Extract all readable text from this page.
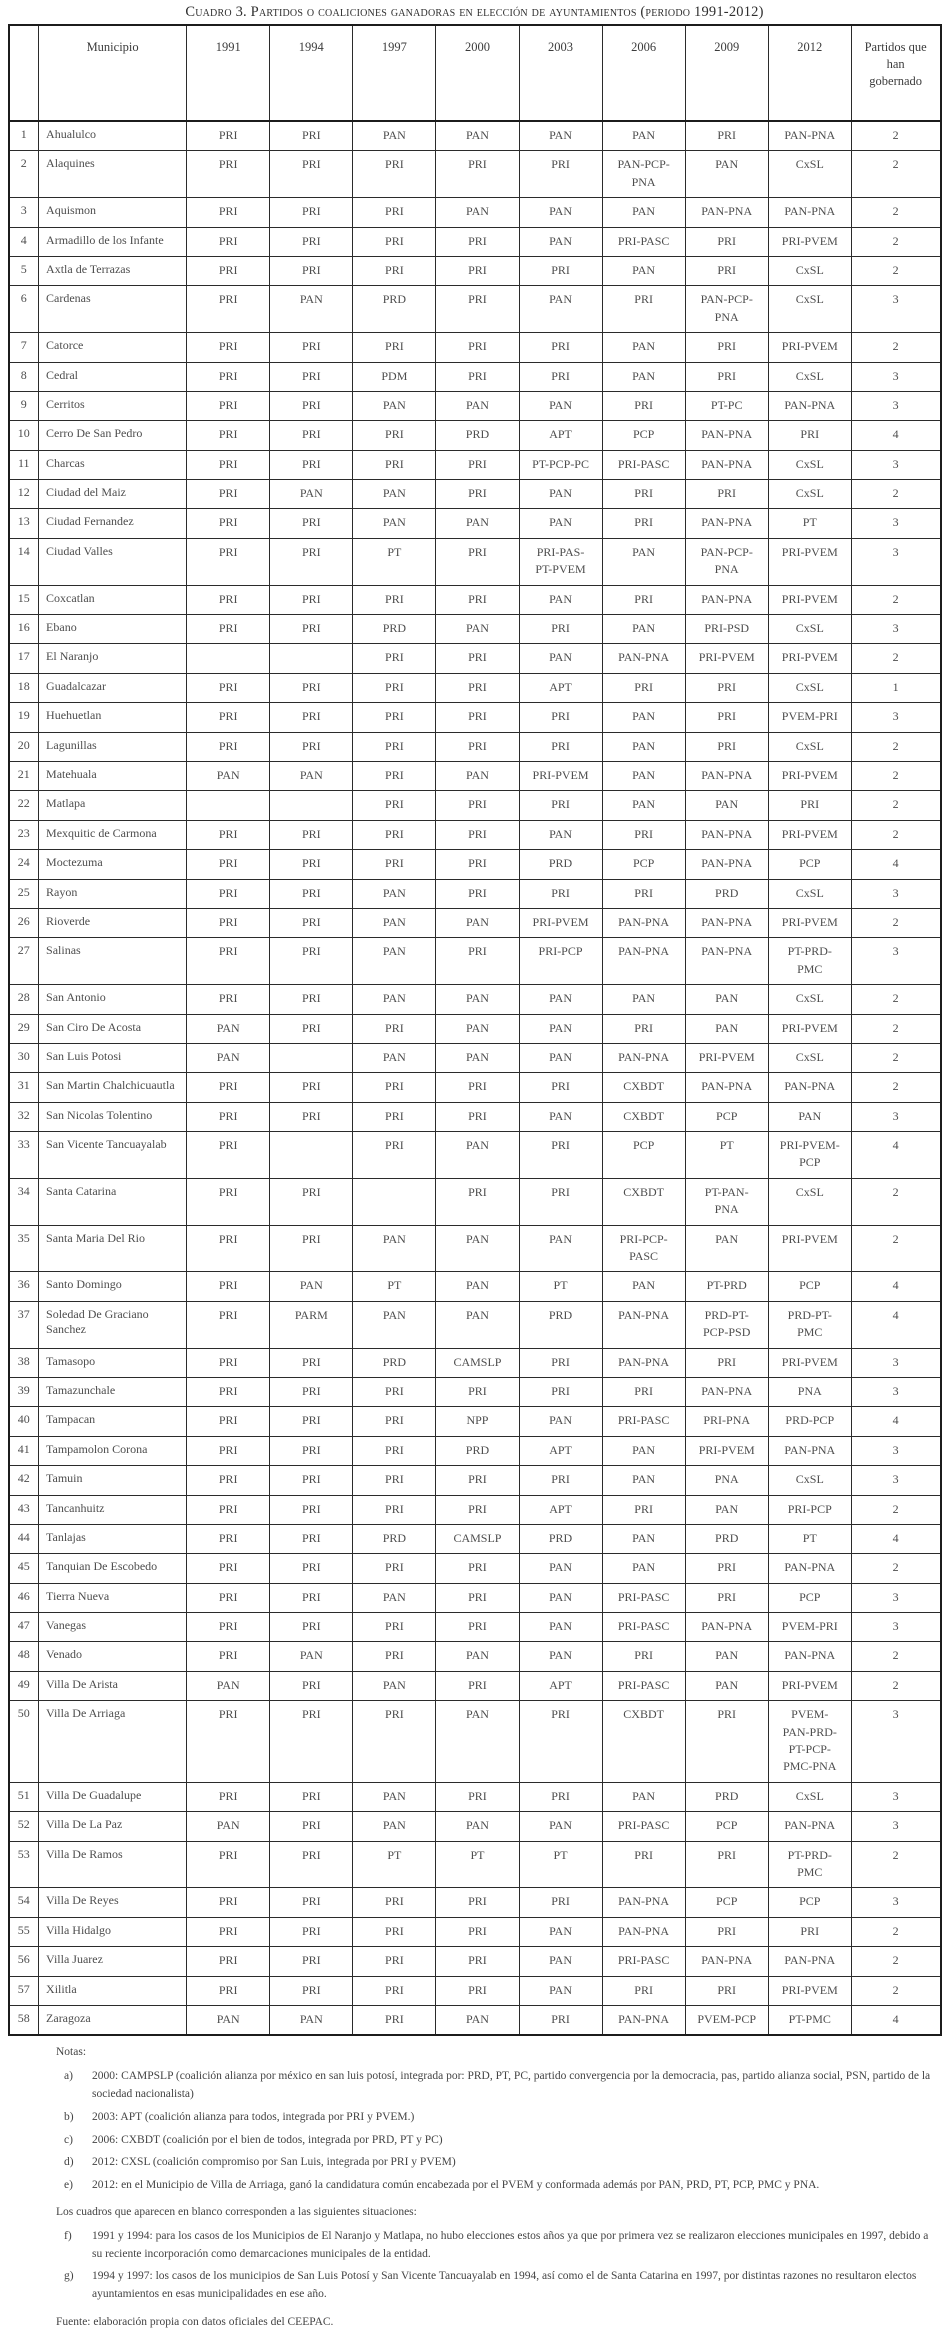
Cuadro 3. Partidos o coaliciones ganadoras en elección de ayuntamientos (periodo 1991-2012)
	Municipio	1991	1994	1997	2000	2003	2006	2009	2012	Partidos que han gobernado
1	Ahualulco	PRI	PRI	PAN	PAN	PAN	PAN	PRI	PAN-PNA	2
2	Alaquines	PRI	PRI	PRI	PRI	PRI	PAN-PCP-PNA	PAN	CxSL	2
3	Aquismon	PRI	PRI	PRI	PAN	PAN	PAN	PAN-PNA	PAN-PNA	2
4	Armadillo de los Infante	PRI	PRI	PRI	PRI	PAN	PRI-PASC	PRI	PRI-PVEM	2
5	Axtla de Terrazas	PRI	PRI	PRI	PRI	PRI	PAN	PRI	CxSL	2
6	Cardenas	PRI	PAN	PRD	PRI	PAN	PRI	PAN-PCP-PNA	CxSL	3
7	Catorce	PRI	PRI	PRI	PRI	PRI	PAN	PRI	PRI-PVEM	2
8	Cedral	PRI	PRI	PDM	PRI	PRI	PAN	PRI	CxSL	3
9	Cerritos	PRI	PRI	PAN	PAN	PAN	PRI	PT-PC	PAN-PNA	3
10	Cerro De San Pedro	PRI	PRI	PRI	PRD	APT	PCP	PAN-PNA	PRI	4
11	Charcas	PRI	PRI	PRI	PRI	PT-PCP-PC	PRI-PASC	PAN-PNA	CxSL	3
12	Ciudad del Maiz	PRI	PAN	PAN	PRI	PAN	PRI	PRI	CxSL	2
13	Ciudad Fernandez	PRI	PRI	PAN	PAN	PAN	PRI	PAN-PNA	PT	3
14	Ciudad Valles	PRI	PRI	PT	PRI	PRI-PAS-PT-PVEM	PAN	PAN-PCP-PNA	PRI-PVEM	3
15	Coxcatlan	PRI	PRI	PRI	PRI	PAN	PRI	PAN-PNA	PRI-PVEM	2
16	Ebano	PRI	PRI	PRD	PAN	PRI	PAN	PRI-PSD	CxSL	3
17	El Naranjo			PRI	PRI	PAN	PAN-PNA	PRI-PVEM	PRI-PVEM	2
18	Guadalcazar	PRI	PRI	PRI	PRI	APT	PRI	PRI	CxSL	1
19	Huehuetlan	PRI	PRI	PRI	PRI	PRI	PAN	PRI	PVEM-PRI	3
20	Lagunillas	PRI	PRI	PRI	PRI	PRI	PAN	PRI	CxSL	2
21	Matehuala	PAN	PAN	PRI	PAN	PRI-PVEM	PAN	PAN-PNA	PRI-PVEM	2
22	Matlapa			PRI	PRI	PRI	PAN	PAN	PRI	2
23	Mexquitic de Carmona	PRI	PRI	PRI	PRI	PAN	PRI	PAN-PNA	PRI-PVEM	2
24	Moctezuma	PRI	PRI	PRI	PRI	PRD	PCP	PAN-PNA	PCP	4
25	Rayon	PRI	PRI	PAN	PRI	PRI	PRI	PRD	CxSL	3
26	Rioverde	PRI	PRI	PAN	PAN	PRI-PVEM	PAN-PNA	PAN-PNA	PRI-PVEM	2
27	Salinas	PRI	PRI	PAN	PRI	PRI-PCP	PAN-PNA	PAN-PNA	PT-PRD-PMC	3
28	San Antonio	PRI	PRI	PAN	PAN	PAN	PAN	PAN	CxSL	2
29	San Ciro De Acosta	PAN	PRI	PRI	PAN	PAN	PRI	PAN	PRI-PVEM	2
30	San Luis Potosi	PAN		PAN	PAN	PAN	PAN-PNA	PRI-PVEM	CxSL	2
31	San Martin Chalchicuautla	PRI	PRI	PRI	PRI	PRI	CXBDT	PAN-PNA	PAN-PNA	2
32	San Nicolas Tolentino	PRI	PRI	PRI	PRI	PAN	CXBDT	PCP	PAN	3
33	San Vicente Tancuayalab	PRI		PRI	PAN	PRI	PCP	PT	PRI-PVEM-PCP	4
34	Santa Catarina	PRI	PRI		PRI	PRI	CXBDT	PT-PAN-PNA	CxSL	2
35	Santa Maria Del Rio	PRI	PRI	PAN	PAN	PAN	PRI-PCP-PASC	PAN	PRI-PVEM	2
36	Santo Domingo	PRI	PAN	PT	PAN	PT	PAN	PT-PRD	PCP	4
37	Soledad De Graciano Sanchez	PRI	PARM	PAN	PAN	PRD	PAN-PNA	PRD-PT-PCP-PSD	PRD-PT-PMC	4
38	Tamasopo	PRI	PRI	PRD	CAMSLP	PRI	PAN-PNA	PRI	PRI-PVEM	3
39	Tamazunchale	PRI	PRI	PRI	PRI	PRI	PRI	PAN-PNA	PNA	3
40	Tampacan	PRI	PRI	PRI	NPP	PAN	PRI-PASC	PRI-PNA	PRD-PCP	4
41	Tampamolon Corona	PRI	PRI	PRI	PRD	APT	PAN	PRI-PVEM	PAN-PNA	3
42	Tamuin	PRI	PRI	PRI	PRI	PRI	PAN	PNA	CxSL	3
43	Tancanhuitz	PRI	PRI	PRI	PRI	APT	PRI	PAN	PRI-PCP	2
44	Tanlajas	PRI	PRI	PRD	CAMSLP	PRD	PAN	PRD	PT	4
45	Tanquian De Escobedo	PRI	PRI	PRI	PRI	PAN	PAN	PRI	PAN-PNA	2
46	Tierra Nueva	PRI	PRI	PAN	PRI	PAN	PRI-PASC	PRI	PCP	3
47	Vanegas	PRI	PRI	PRI	PRI	PAN	PRI-PASC	PAN-PNA	PVEM-PRI	3
48	Venado	PRI	PAN	PRI	PAN	PAN	PRI	PAN	PAN-PNA	2
49	Villa De Arista	PAN	PRI	PAN	PRI	APT	PRI-PASC	PAN	PRI-PVEM	2
50	Villa De Arriaga	PRI	PRI	PRI	PAN	PRI	CXBDT	PRI	PVEM-PAN-PRD-PT-PCP-PMC-PNA	3
51	Villa De Guadalupe	PRI	PRI	PAN	PRI	PRI	PAN	PRD	CxSL	3
52	Villa De La Paz	PAN	PRI	PAN	PAN	PAN	PRI-PASC	PCP	PAN-PNA	3
53	Villa De Ramos	PRI	PRI	PT	PT	PT	PRI	PRI	PT-PRD-PMC	2
54	Villa De Reyes	PRI	PRI	PRI	PRI	PRI	PAN-PNA	PCP	PCP	3
55	Villa Hidalgo	PRI	PRI	PRI	PRI	PAN	PAN-PNA	PRI	PRI	2
56	Villa Juarez	PRI	PRI	PRI	PRI	PAN	PRI-PASC	PAN-PNA	PAN-PNA	2
57	Xilitla	PRI	PRI	PRI	PRI	PAN	PRI	PRI	PRI-PVEM	2
58	Zaragoza	PAN	PAN	PRI	PAN	PRI	PAN-PNA	PVEM-PCP	PT-PMC	4
Notas:
a)	2000: CAMPSLP (coalición alianza por méxico en san luis potosí, integrada por: PRD, PT, PC, partido convergencia por la democracia, pas, partido alianza social, PSN, partido de la sociedad nacionalista)
b)	2003: APT (coalición alianza para todos, integrada por PRI y PVEM.)
c)	2006: CXBDT (coalición por el bien de todos, integrada por PRD, PT y PC)
d)	2012: CXSL (coalición compromiso por San Luis, integrada por PRI y PVEM)
e)	2012: en el Municipio de Villa de Arriaga, ganó la candidatura común encabezada por el PVEM y conformada además por PAN, PRD, PT, PCP, PMC y PNA.
Los cuadros que aparecen en blanco corresponden a las siguientes situaciones:
f)	1991 y 1994: para los casos de los Municipios de El Naranjo y Matlapa, no hubo elecciones estos años ya que por primera vez se realizaron elecciones municipales en 1997, debido a su reciente incorporación como demarcaciones municipales de la entidad.
g)	1994 y 1997: los casos de los municipios de San Luis Potosí y San Vicente Tancuayalab en 1994, así como el de Santa Catarina en 1997, por distintas razones no resultaron electos ayuntamientos en esas municipalidades en ese año.
Fuente: elaboración propia con datos oficiales del CEEPAC.
